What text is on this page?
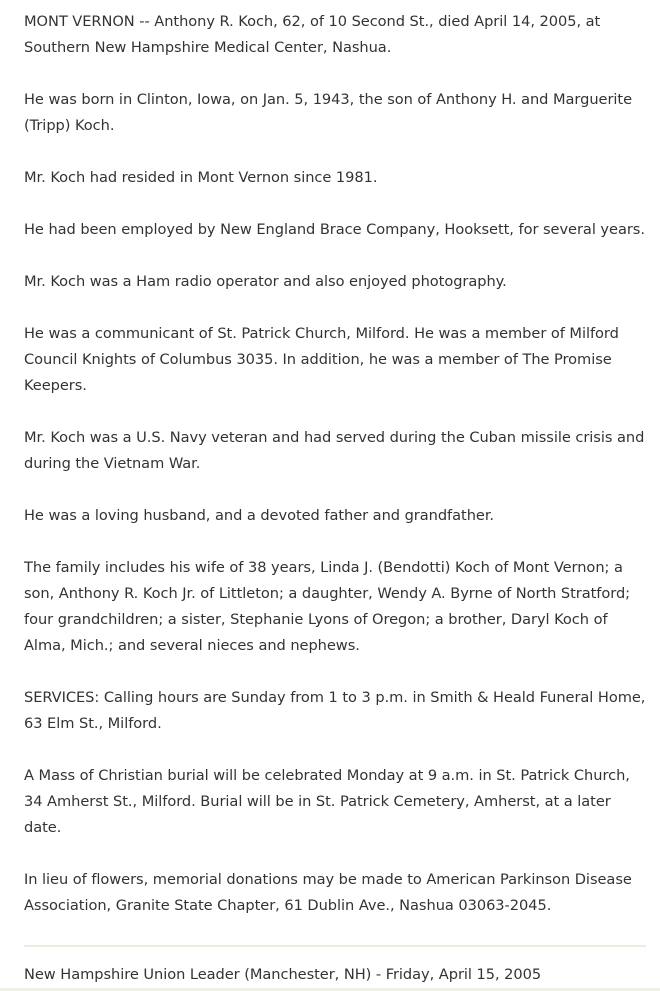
MONT VERNON -- Anthony R. Koch, 62, of 10 Second St., died April 14, 2005, at Southern New Hampshire Medical Center, Nashua.

He was born in Clinton, Iowa, on Jan. 5, 1943, the son of Anthony H. and Marguerite (Tripp) Koch.

Mr. Koch had resided in Mont Vernon since 1981.

He had been employed by New England Brace Company, Hooksett, for several years.

Mr. Koch was a Ham radio operator and also enjoyed photography.

He was a communicant of St. Patrick Church, Milford. He was a member of Milford Council Knights of Columbus 3035. In addition, he was a member of The Promise Keepers.

Mr. Koch was a U.S. Navy veteran and had served during the Cuban missile crisis and during the Vietnam War.

He was a loving husband, and a devoted father and grandfather.

The family includes his wife of 38 years, Linda J. (Bendotti) Koch of Mont Vernon; a son, Anthony R. Koch Jr. of Littleton; a daughter, Wendy A. Byrne of North Stratford; four grandchildren; a sister, Stephanie Lyons of Oregon; a brother, Daryl Koch of Alma, Mich.; and several nieces and nephews.

SERVICES: Calling hours are Sunday from 1 to 3 p.m. in Smith & Heald Funeral Home, 63 Elm St., Milford.

A Mass of Christian burial will be celebrated Monday at 9 a.m. in St. Patrick Church, 34 Amherst St., Milford. Burial will be in St. Patrick Cemetery, Amherst, at a later date.

In lieu of flowers, memorial donations may be made to American Parkinson Disease Association, Granite State Chapter, 61 Dublin Ave., Nashua 03063-2045.

New Hampshire Union Leader (Manchester, NH) - Friday, April 15, 2005
